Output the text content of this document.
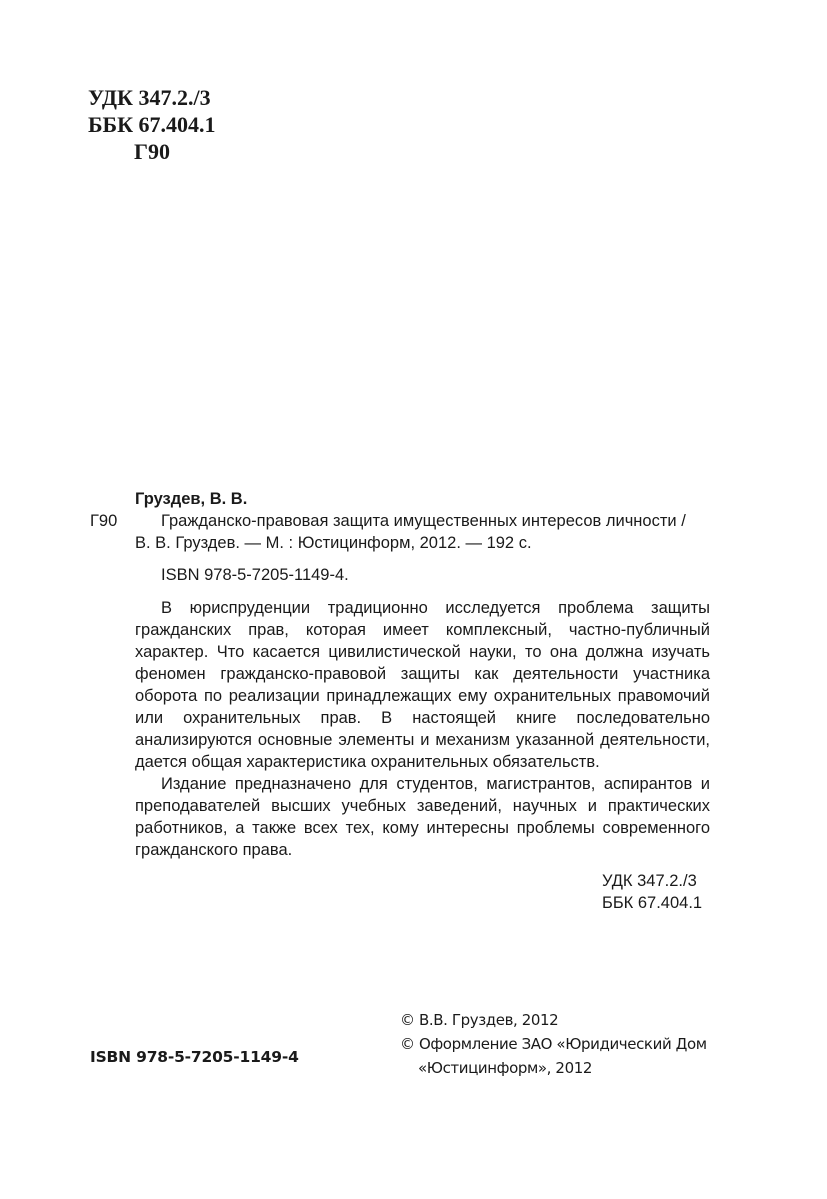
УДК 347.2./3
ББК 67.404.1
Г90
Г90
Груздев, В. В.
Гражданско-правовая защита имущественных интересов личности /
В. В. Груздев. — М. : Юстицинформ, 2012. — 192 с.
ISBN 978-5-7205-1149-4.

В юриспруденции традиционно исследуется проблема защиты гражданских прав, которая имеет комплексный, частно-публичный характер. Что касается цивилистической науки, то она должна изучать феномен гражданско-правовой защиты как деятельности участника оборота по реализации принадлежащих ему охранительных правомочий или охранительных прав. В настоящей книге последовательно анализируются основные элементы и механизм указанной деятельности, дается общая характеристика охранительных обязательств.

Издание предназначено для студентов, магистрантов, аспирантов и преподавателей высших учебных заведений, научных и практических работников, а также всех тех, кому интересны проблемы современного гражданского права.

УДК 347.2./3
ББК 67.404.1
© В.В. Груздев, 2012
© Оформление ЗАО «Юридический Дом
«Юстицинформ», 2012
ISBN 978-5-7205-1149-4
